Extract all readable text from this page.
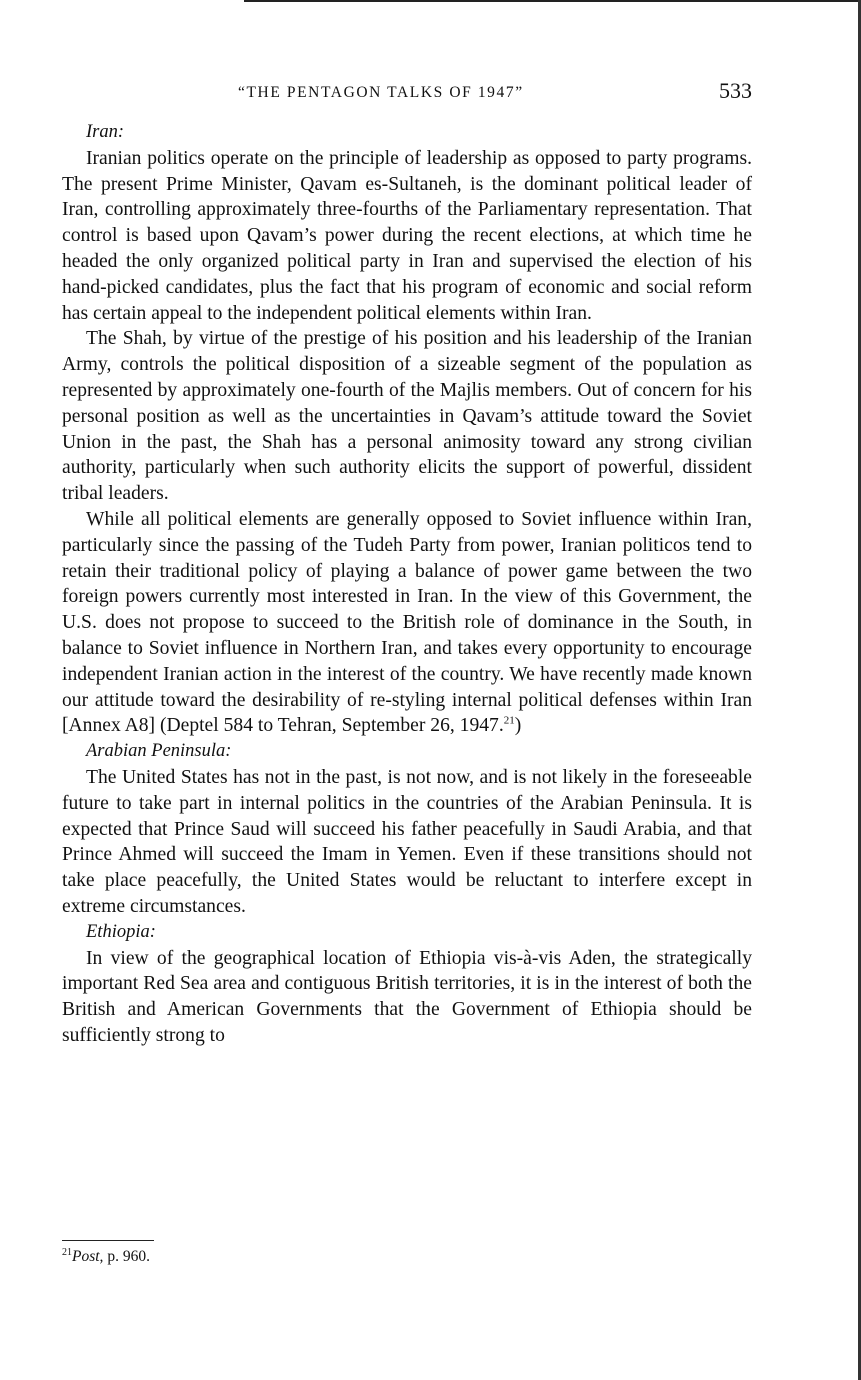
“THE PENTAGON TALKS OF 1947”	533
Iran:

Iranian politics operate on the principle of leadership as opposed to party programs. The present Prime Minister, Qavam es-Sultaneh, is the dominant political leader of Iran, controlling approximately three-fourths of the Parliamentary representation. That control is based upon Qavam’s power during the recent elections, at which time he headed the only organized political party in Iran and supervised the election of his hand-picked candidates, plus the fact that his program of economic and social reform has certain appeal to the independent political elements within Iran.

The Shah, by virtue of the prestige of his position and his leadership of the Iranian Army, controls the political disposition of a sizeable segment of the population as represented by approximately one-fourth of the Majlis members. Out of concern for his personal position as well as the uncertainties in Qavam’s attitude toward the Soviet Union in the past, the Shah has a personal animosity toward any strong civilian authority, particularly when such authority elicits the support of powerful, dissident tribal leaders.

While all political elements are generally opposed to Soviet influence within Iran, particularly since the passing of the Tudeh Party from power, Iranian politicos tend to retain their traditional policy of playing a balance of power game between the two foreign powers currently most interested in Iran. In the view of this Government, the U.S. does not propose to succeed to the British role of dominance in the South, in balance to Soviet influence in Northern Iran, and takes every opportunity to encourage independent Iranian action in the interest of the country. We have recently made known our attitude toward the desirability of re-styling internal political defenses within Iran [Annex A8] (Deptel 584 to Tehran, September 26, 1947.21)

Arabian Peninsula:

The United States has not in the past, is not now, and is not likely in the foreseeable future to take part in internal politics in the countries of the Arabian Peninsula. It is expected that Prince Saud will succeed his father peacefully in Saudi Arabia, and that Prince Ahmed will succeed the Imam in Yemen. Even if these transitions should not take place peacefully, the United States would be reluctant to interfere except in extreme circumstances.

Ethiopia:

In view of the geographical location of Ethiopia vis-à-vis Aden, the strategically important Red Sea area and contiguous British territories, it is in the interest of both the British and American Governments that the Government of Ethiopia should be sufficiently strong to

$^{21}$Post, p. 960.
